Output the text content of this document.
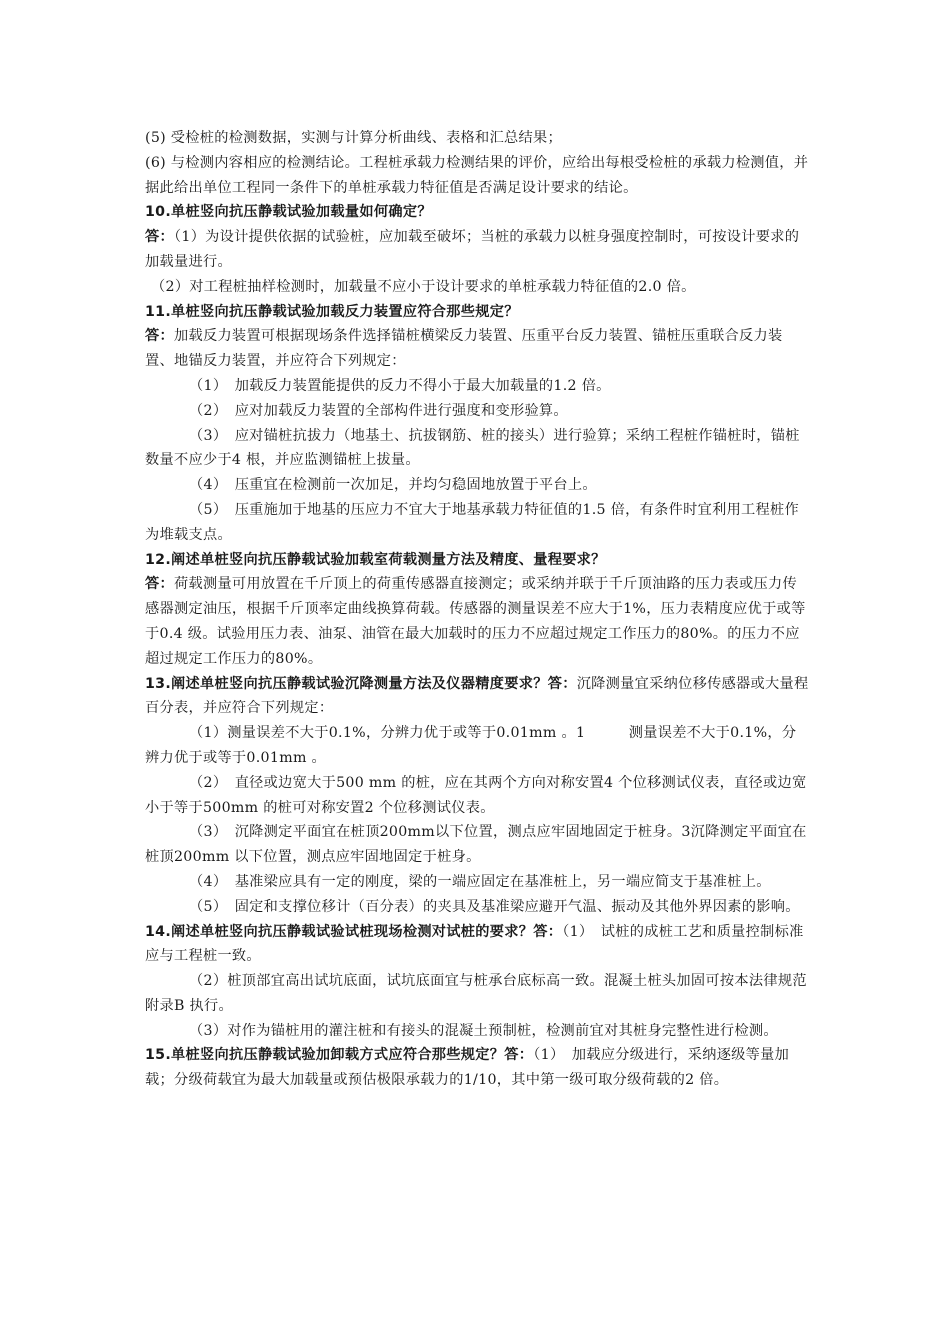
(5) 受检桩的检测数据，实测与计算分析曲线、表格和汇总结果；

(6) 与检测内容相应的检测结论。工程桩承载力检测结果的评价，应给出每根受检桩的承载力检测值，并据此给出单位工程同一条件下的单桩承载力特征值是否满足设计要求的结论。

10.单桩竖向抗压静载试验加载量如何确定？

答：（1）为设计提供依据的试验桩，应加载至破坏；当桩的承载力以桩身强度控制时，可按设计要求的加载量进行。

（2）对工程桩抽样检测时，加载量不应小于设计要求的单桩承载力特征值的2.0 倍。

11.单桩竖向抗压静载试验加载反力装置应符合那些规定？

答：加载反力装置可根据现场条件选择锚桩横梁反力装置、压重平台反力装置、锚桩压重联合反力装置、地锚反力装置，并应符合下列规定：

（1）　加载反力装置能提供的反力不得小于最大加载量的1.2 倍。

（2）　应对加载反力装置的全部构件进行强度和变形验算。

（3）　应对锚桩抗拔力（地基土、抗拔钢筋、桩的接头）进行验算；采纳工程桩作锚桩时，锚桩数量不应少于4 根，并应监测锚桩上拔量。

（4）　压重宜在检测前一次加足，并均匀稳固地放置于平台上。

（5）　压重施加于地基的压应力不宜大于地基承载力特征值的1.5 倍，有条件时宜利用工程桩作为堆载支点。

12.阐述单桩竖向抗压静载试验加载室荷载测量方法及精度、量程要求？

答：荷载测量可用放置在千斤顶上的荷重传感器直接测定；或采纳并联于千斤顶油路的压力表或压力传感器测定油压，根据千斤顶率定曲线换算荷载。传感器的测量误差不应大于1%，压力表精度应优于或等于0.4 级。试验用压力表、油泵、油管在最大加载时的压力不应超过规定工作压力的80%。的压力不应超过规定工作压力的80%。

13.阐述单桩竖向抗压静载试验沉降测量方法及仪器精度要求？答：沉降测量宜采纳位移传感器或大量程百分表，并应符合下列规定：

（1）测量误差不大于0.1%，分辨力优于或等于0.01mm 。1　　　测量误差不大于0.1%，分辨力优于或等于0.01mm 。

（2）　直径或边宽大于500 mm 的桩，应在其两个方向对称安置4 个位移测试仪表，直径或边宽小于等于500mm 的桩可对称安置2 个位移测试仪表。

（3）　沉降测定平面宜在桩顶200mm以下位置，测点应牢固地固定于桩身。3沉降测定平面宜在桩顶200mm 以下位置，测点应牢固地固定于桩身。

（4）　基准梁应具有一定的刚度，梁的一端应固定在基准桩上，另一端应简支于基准桩上。

（5）　固定和支撑位移计（百分表）的夹具及基准梁应避开气温、振动及其他外界因素的影响。

14.阐述单桩竖向抗压静载试验试桩现场检测对试桩的要求？答：（1）　试桩的成桩工艺和质量控制标准应与工程桩一致。

（2）桩顶部宜高出试坑底面，试坑底面宜与桩承台底标高一致。混凝土桩头加固可按本法律规范附录B 执行。

（3）对作为锚桩用的灌注桩和有接头的混凝土预制桩，检测前宜对其桩身完整性进行检测。

15.单桩竖向抗压静载试验加卸载方式应符合那些规定？答：（1）　加载应分级进行，采纳逐级等量加载；分级荷载宜为最大加载量或预估极限承载力的1/10，其中第一级可取分级荷载的2 倍。
